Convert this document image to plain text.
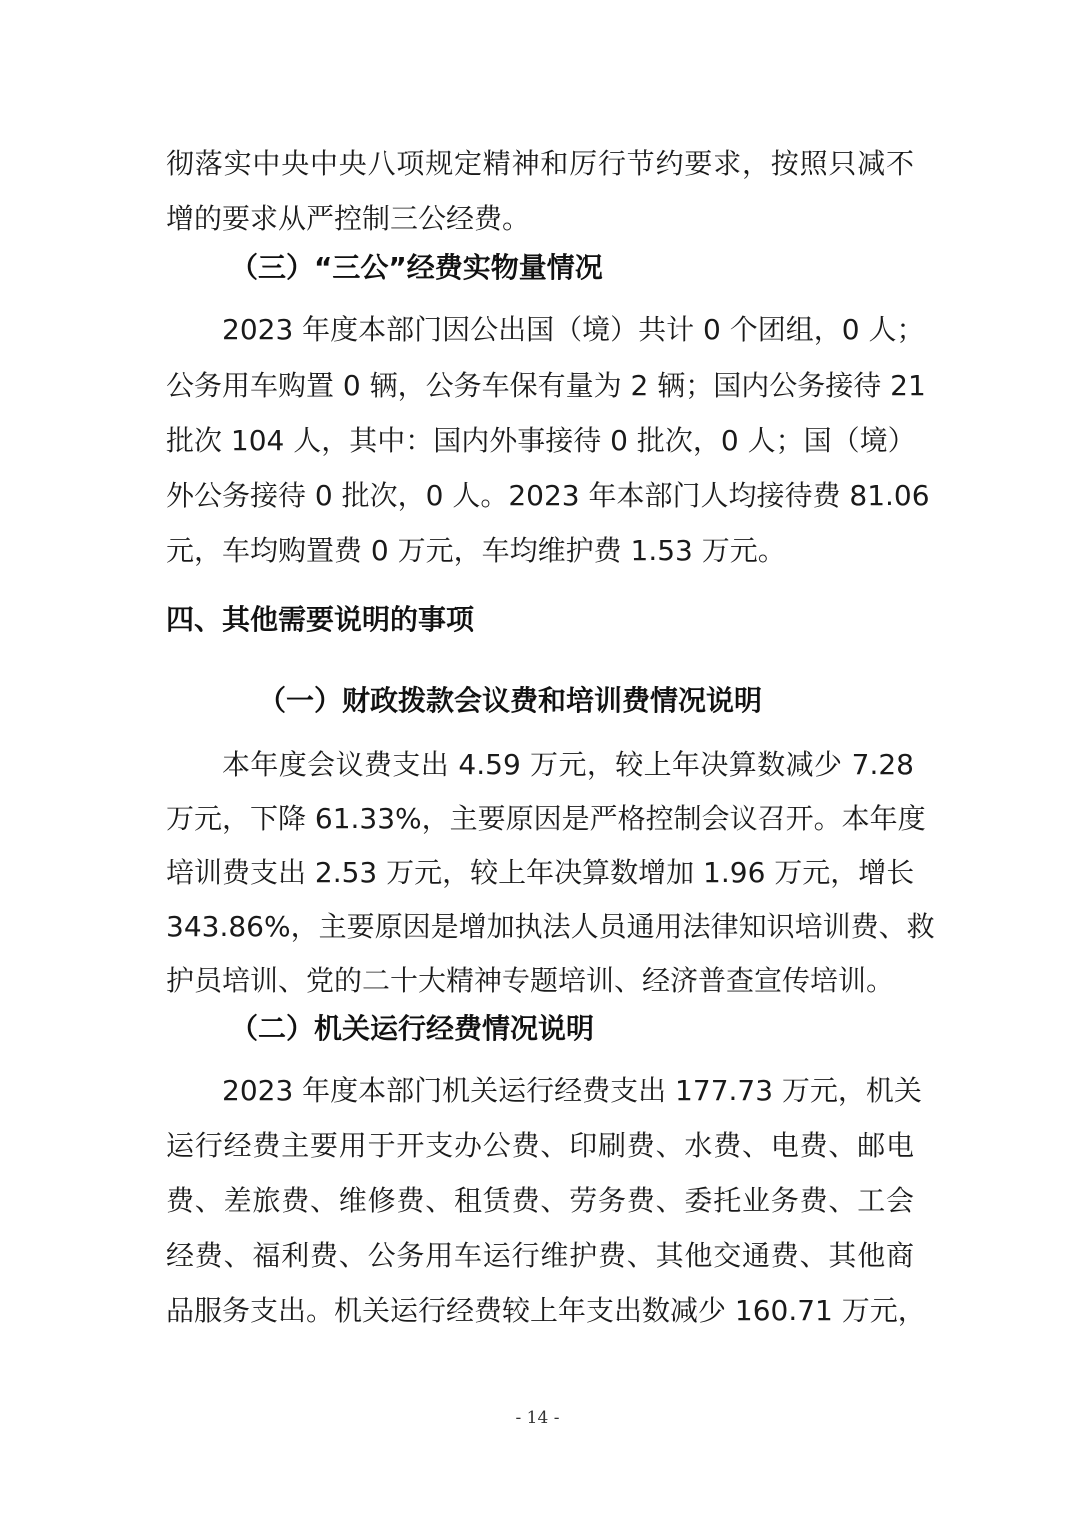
彻落实中央中央八项规定精神和厉行节约要求，按照只减不
增的要求从严控制三公经费。
（三）“三公”经费实物量情况
2023 年度本部门因公出国（境）共计 0 个团组，0 人；
公务用车购置 0 辆，公务车保有量为 2 辆；国内公务接待 21
批次 104 人，其中：国内外事接待 0 批次，0 人；国（境）
外公务接待 0 批次，0 人。2023 年本部门人均接待费 81.06
元，车均购置费 0 万元，车均维护费 1.53 万元。
四、其他需要说明的事项
（一）财政拨款会议费和培训费情况说明
本年度会议费支出 4.59 万元，较上年决算数减少 7.28
万元，下降 61.33%，主要原因是严格控制会议召开。本年度
培训费支出 2.53 万元，较上年决算数增加 1.96 万元，增长
343.86%，主要原因是增加执法人员通用法律知识培训费、救
护员培训、党的二十大精神专题培训、经济普查宣传培训。
（二）机关运行经费情况说明
2023 年度本部门机关运行经费支出 177.73 万元，机关
运行经费主要用于开支办公费、印刷费、水费、电费、邮电
费、差旅费、维修费、租赁费、劳务费、委托业务费、工会
经费、福利费、公务用车运行维护费、其他交通费、其他商
品服务支出。机关运行经费较上年支出数减少 160.71 万元，
- 14 -
